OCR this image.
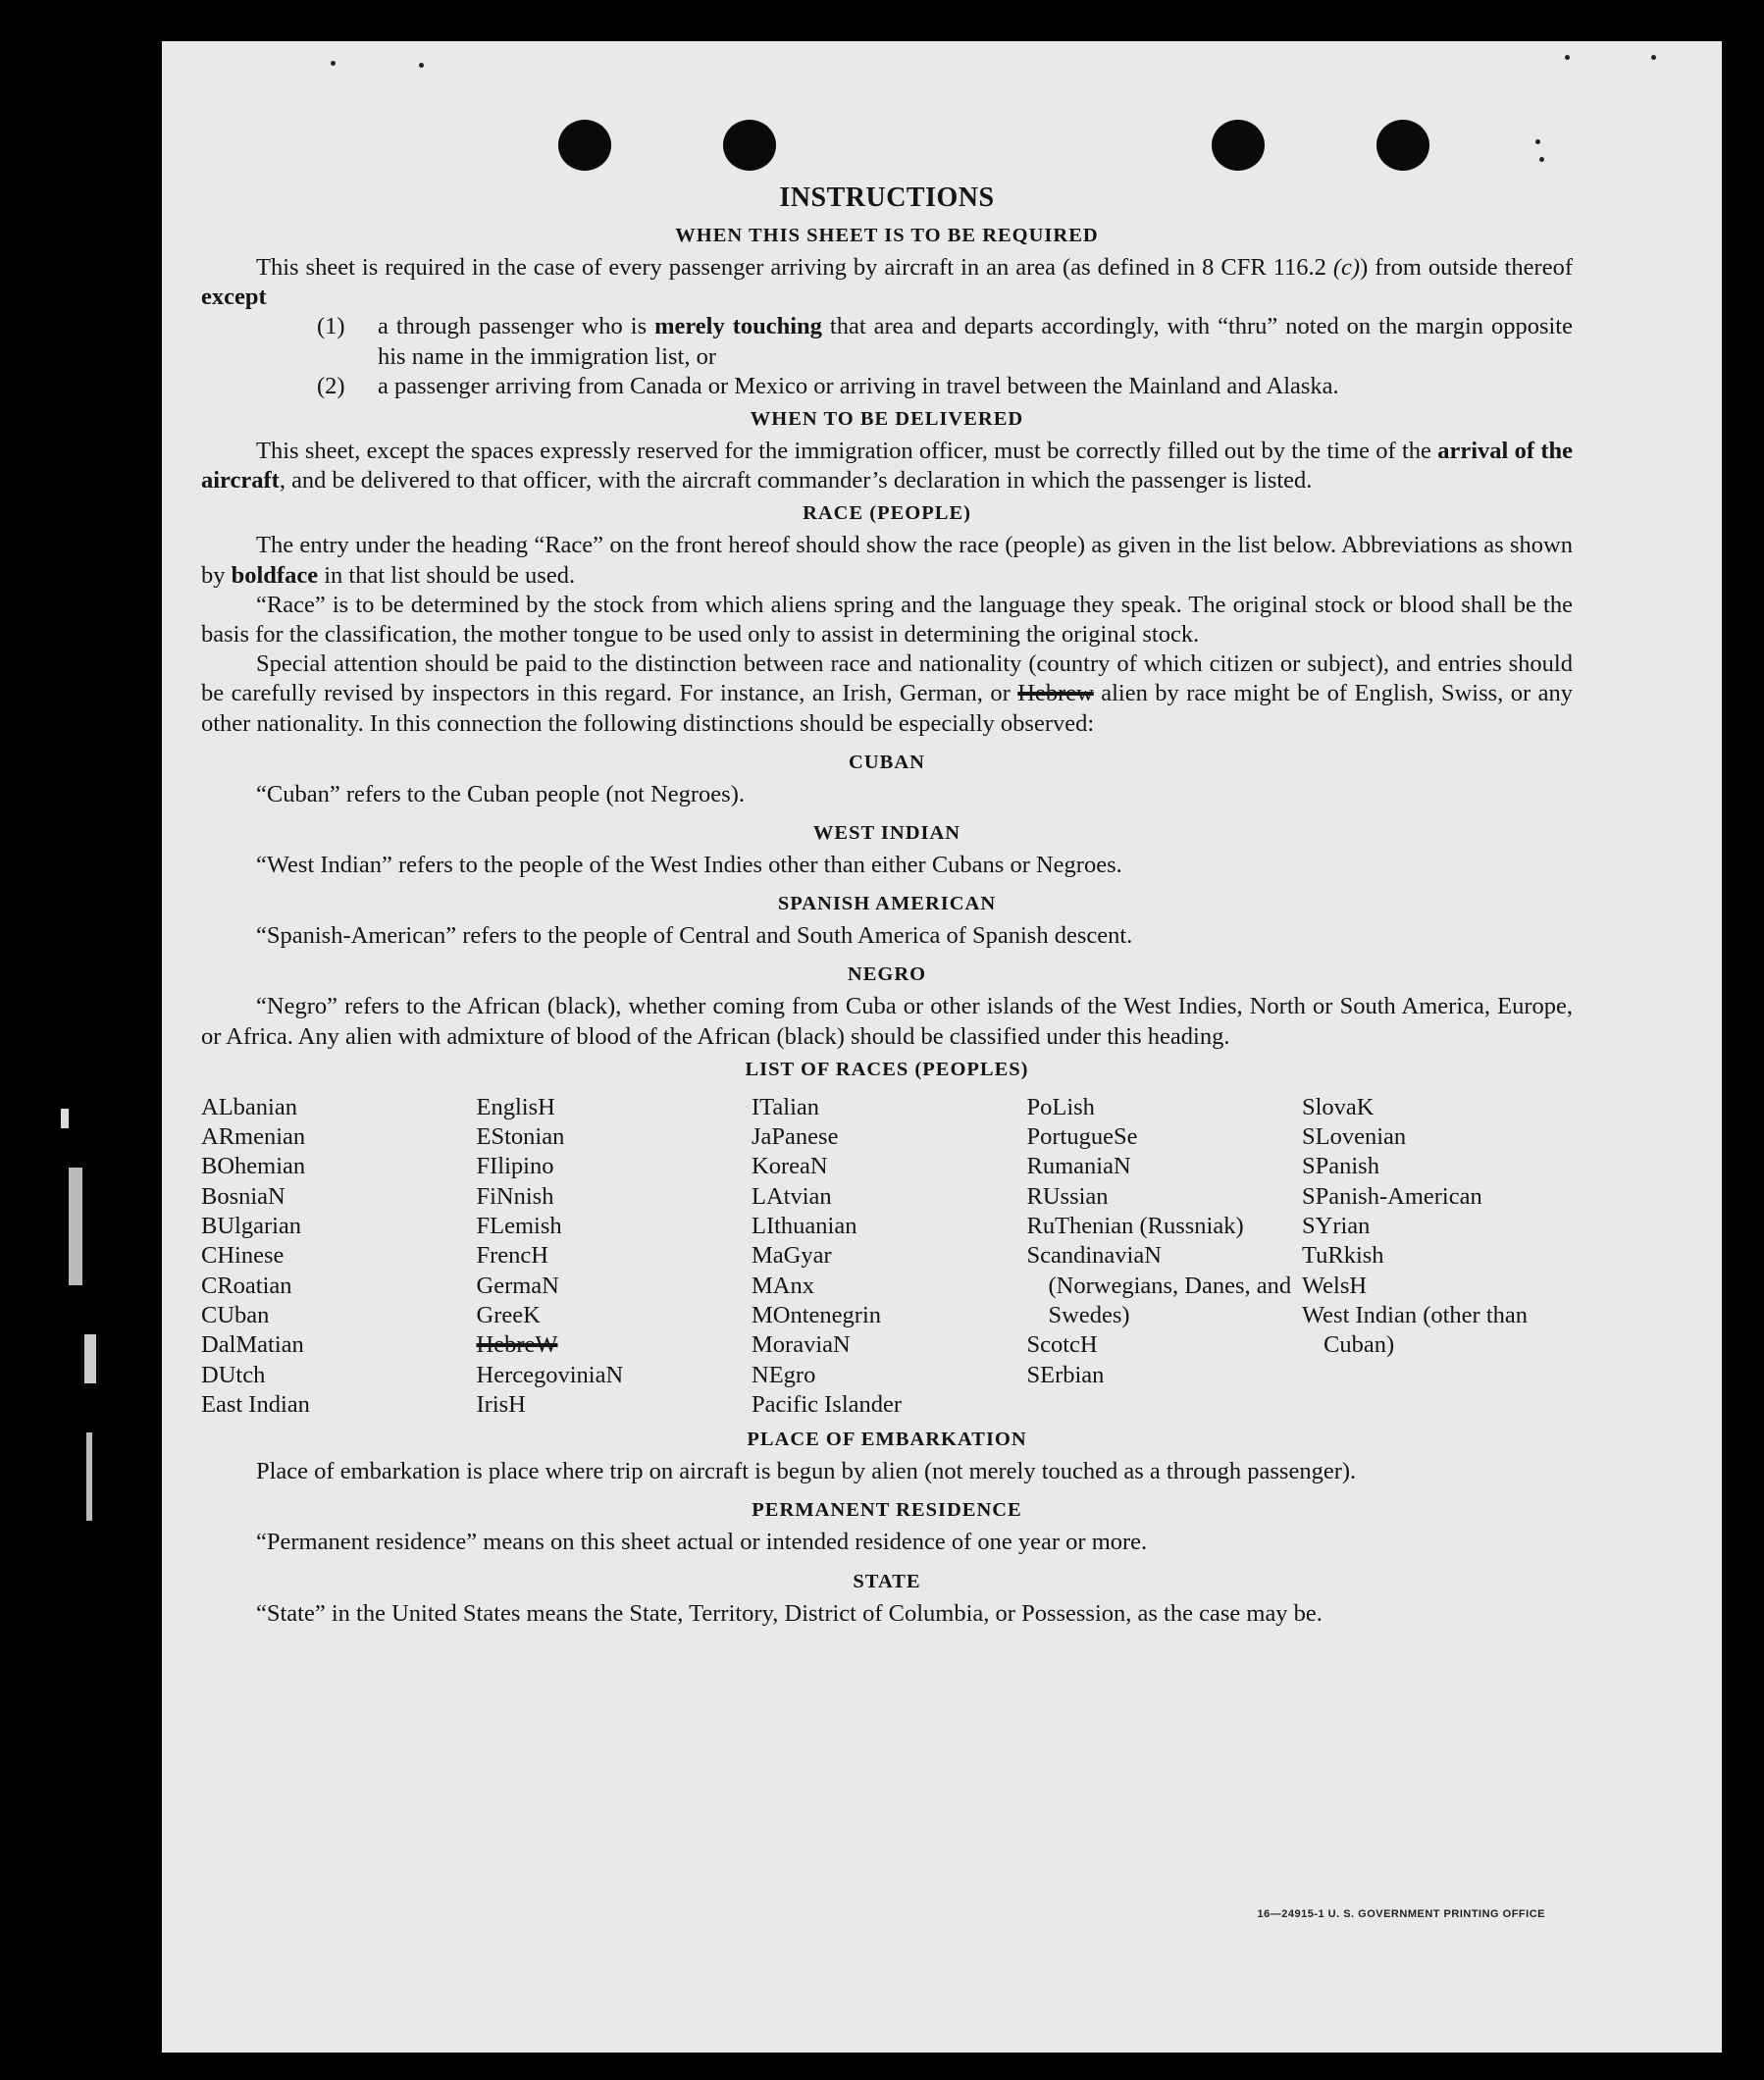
INSTRUCTIONS
WHEN THIS SHEET IS TO BE REQUIRED

This sheet is required in the case of every passenger arriving by aircraft in an area (as defined in 8 CFR 116.2 (c)) from outside thereof except

(1)	a through passenger who is merely touching that area and departs accordingly, with “thru” noted on the margin opposite his name in the immigration list, or
(2)	a passenger arriving from Canada or Mexico or arriving in travel between the Mainland and Alaska.
WHEN TO BE DELIVERED

This sheet, except the spaces expressly reserved for the immigration officer, must be correctly filled out by the time of the arrival of the aircraft, and be delivered to that officer, with the aircraft commander’s declaration in which the passenger is listed.

RACE (PEOPLE)

The entry under the heading “Race” on the front hereof should show the race (people) as given in the list below. Abbreviations as shown by boldface in that list should be used.

“Race” is to be determined by the stock from which aliens spring and the language they speak. The original stock or blood shall be the basis for the classification, the mother tongue to be used only to assist in determining the original stock.

Special attention should be paid to the distinction between race and nationality (country of which citizen or subject), and entries should be carefully revised by inspectors in this regard. For instance, an Irish, German, or Hebrew alien by race might be of English, Swiss, or any other nationality. In this connection the following distinctions should be especially observed:

CUBAN

“Cuban” refers to the Cuban people (not Negroes).

WEST INDIAN

“West Indian” refers to the people of the West Indies other than either Cubans or Negroes.

SPANISH AMERICAN

“Spanish-American” refers to the people of Central and South America of Spanish descent.

NEGRO

“Negro” refers to the African (black), whether coming from Cuba or other islands of the West Indies, North or South America, Europe, or Africa. Any alien with admixture of blood of the African (black) should be classified under this heading.

LIST OF RACES (PEOPLES)
ALbanian
ARmenian
BOhemian
BosniaN
BUlgarian
CHinese
CRoatian
CUban
DalMatian
DUtch
East Indian
EnglisH
EStonian
FIlipino
FiNnish
FLemish
FrencH
GermaN
GreeK
HebreW
HercegoviniaN
IrisH
ITalian
JaPanese
KoreaN
LAtvian
LIthuanian
MaGyar
MAnx
MOntenegrin
MoraviaN
NEgro
Pacific Islander
PoLish
PortugueSe
RumaniaN
RUssian
RuThenian (Russniak)
ScandinaviaN (Norwegians, Danes, and Swedes)
ScotcH
SErbian
SlovaK
SLovenian
SPanish
SPanish-American
SYrian
TuRkish
WelsH
West Indian (other than Cuban)
PLACE OF EMBARKATION

Place of embarkation is place where trip on aircraft is begun by alien (not merely touched as a through passenger).

PERMANENT RESIDENCE

“Permanent residence” means on this sheet actual or intended residence of one year or more.

STATE

“State” in the United States means the State, Territory, District of Columbia, or Possession, as the case may be.

16—24915-1 U. S. GOVERNMENT PRINTING OFFICE
